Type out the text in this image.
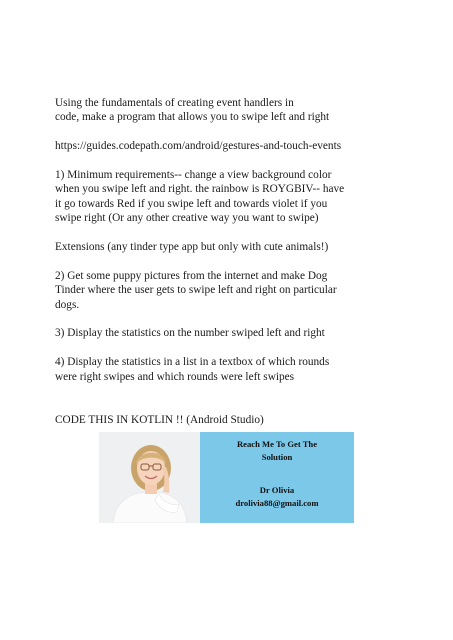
Using the fundamentals of creating event handlers in
code, make a program that allows you to swipe left and right

https://guides.codepath.com/android/gestures-and-touch-events

1) Minimum requirements-- change a view background color
when you swipe left and right. the rainbow is ROYGBIV-- have
it go towards Red if you swipe left and towards violet if you
swipe right (Or any other creative way you want to swipe)

Extensions (any tinder type app but only with cute animals!)

2) Get some puppy pictures from the internet and make Dog
Tinder where the user gets to swipe left and right on particular
dogs.

3) Display the statistics on the number swiped left and right

4) Display the statistics in a list in a textbox of which rounds
were right swipes and which rounds were left swipes

CODE THIS IN KOTLIN !! (Android Studio)

Reach Me To Get The
Solution
Dr Olivia
drolivia88@gmail.com
